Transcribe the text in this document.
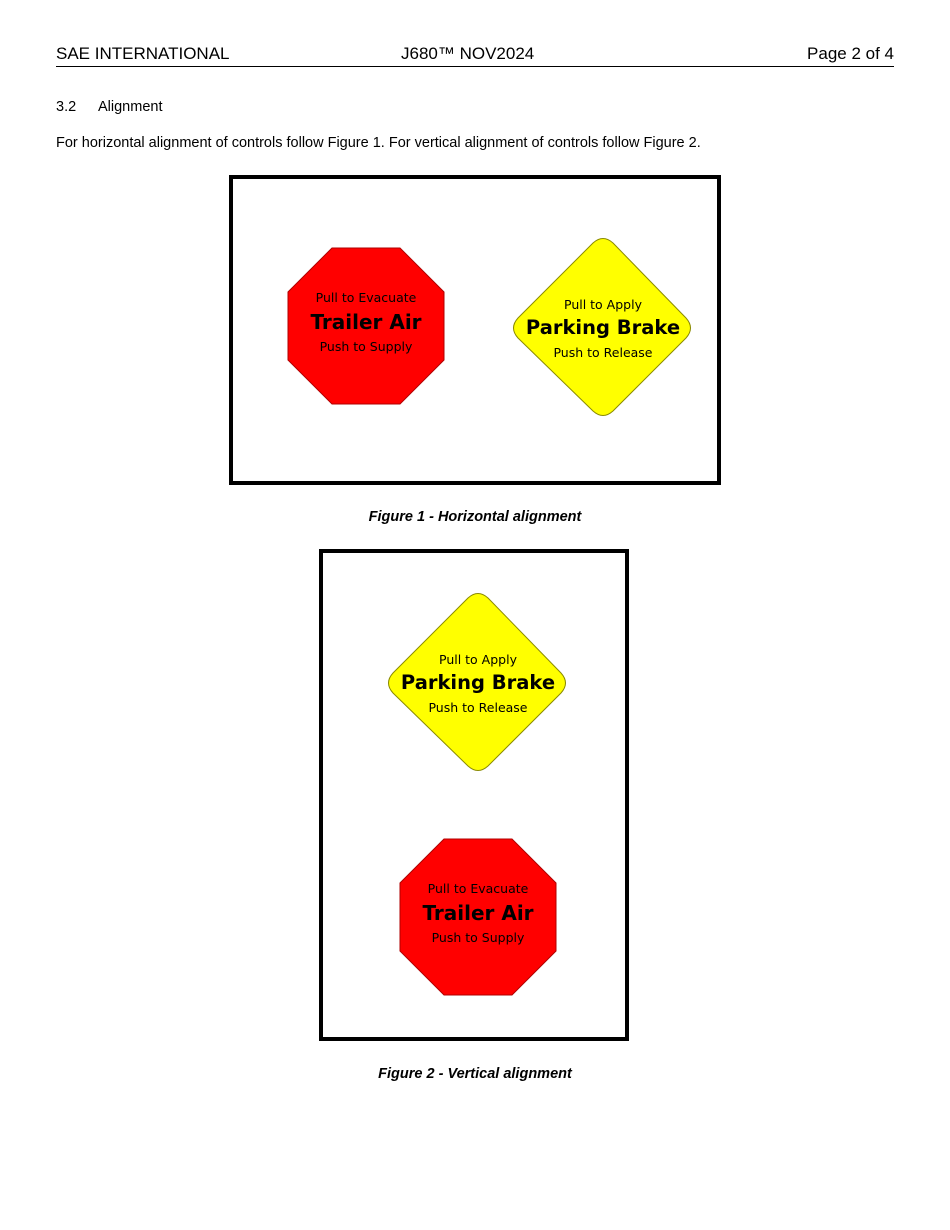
SAE INTERNATIONAL	J680™ NOV2024	Page 2 of 4
3.2 Alignment
For horizontal alignment of controls follow Figure 1. For vertical alignment of controls follow Figure 2.
Pull to Evacuate
Trailer Air
Push to Supply
Pull to Apply
Parking Brake
Push to Release
Figure 1 - Horizontal alignment
Pull to Apply
Parking Brake
Push to Release
Pull to Evacuate
Trailer Air
Push to Supply
Figure 2 - Vertical alignment
